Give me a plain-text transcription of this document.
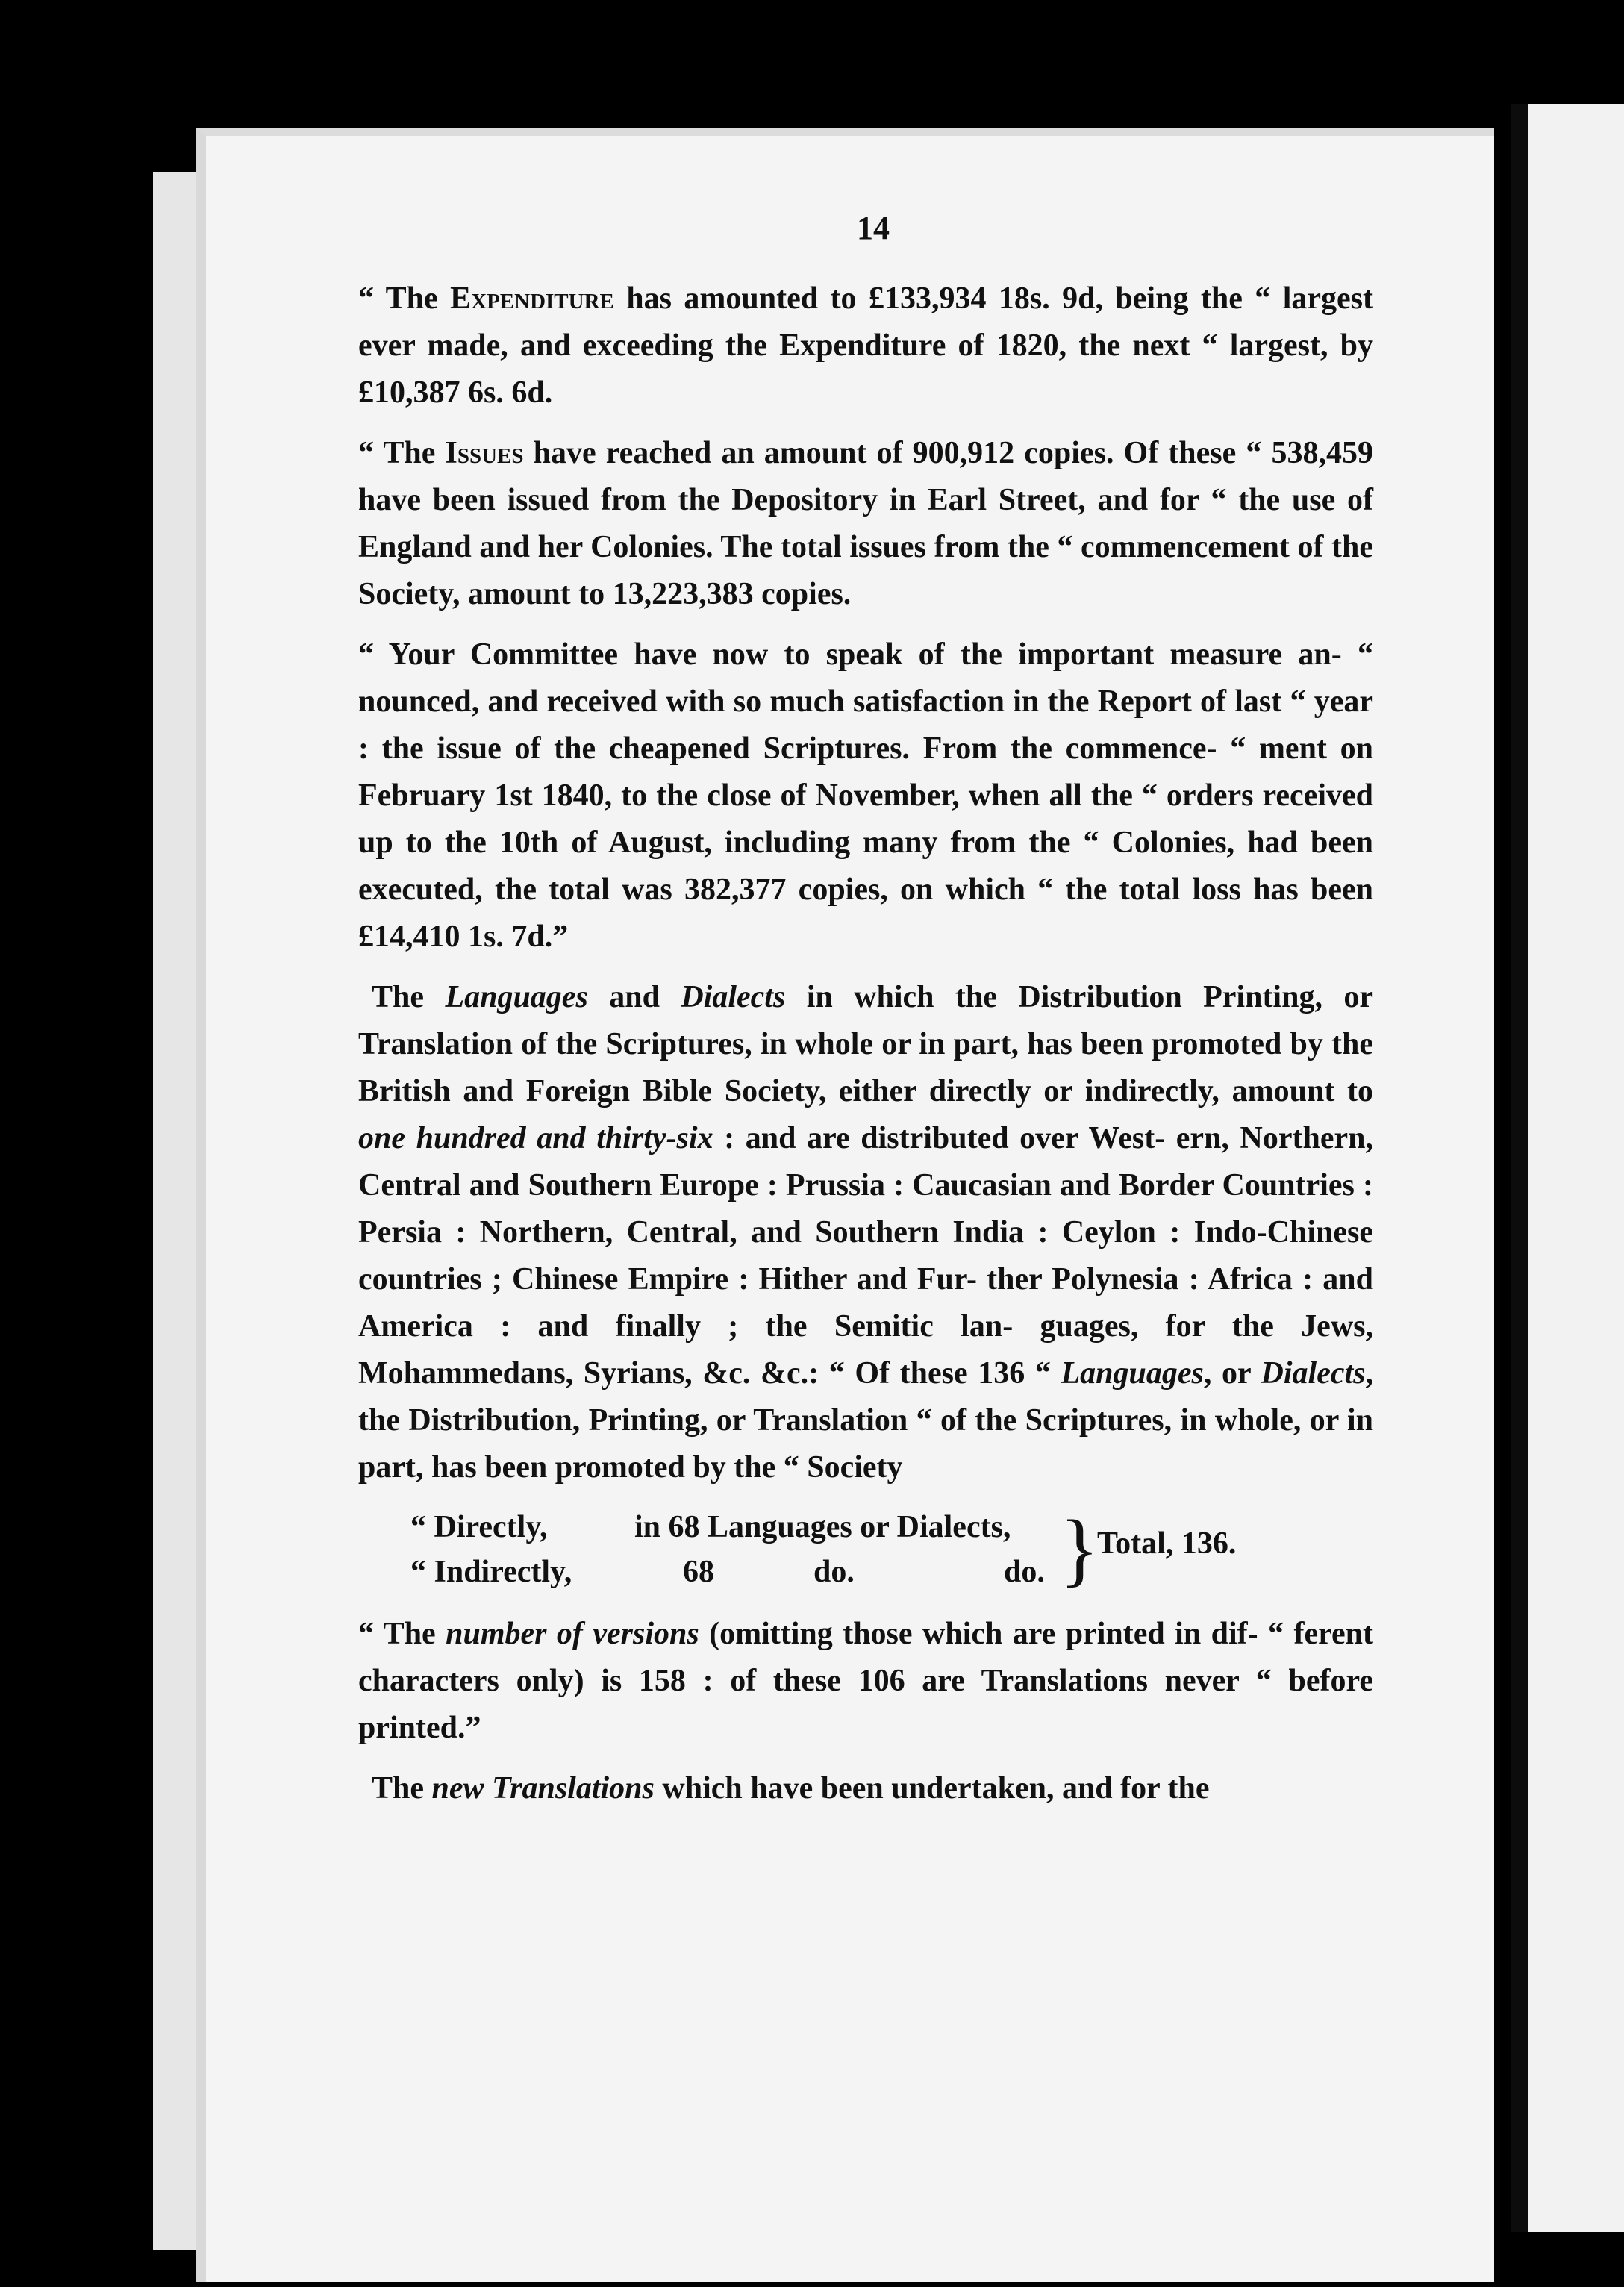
14

“ The Expenditure has amounted to £133,934 18s. 9d, being the “ largest ever made, and exceeding the Expenditure of 1820, the next “ largest, by £10,387 6s. 6d.

“ The Issues have reached an amount of 900,912 copies. Of these “ 538,459 have been issued from the Depository in Earl Street, and for “ the use of England and her Colonies. The total issues from the “ commencement of the Society, amount to 13,223,383 copies.

“ Your Committee have now to speak of the important measure an- “ nounced, and received with so much satisfaction in the Report of last “ year : the issue of the cheapened Scriptures. From the commence- “ ment on February 1st 1840, to the close of November, when all the “ orders received up to the 10th of August, including many from the “ Colonies, had been executed, the total was 382,377 copies, on which “ the total loss has been £14,410 1s. 7d.”

The Languages and Dialects in which the Distribution Printing, or Translation of the Scriptures, in whole or in part, has been promoted by the British and Foreign Bible Society, either directly or indirectly, amount to one hundred and thirty-six : and are distributed over West- ern, Northern, Central and Southern Europe : Prussia : Caucasian and Border Countries : Persia : Northern, Central, and Southern India : Ceylon : Indo-Chinese countries ; Chinese Empire : Hither and Fur- ther Polynesia : Africa : and America : and finally ; the Semitic lan- guages, for the Jews, Mohammedans, Syrians, &c. &c.: “ Of these 136 “ Languages, or Dialects, the Distribution, Printing, or Translation “ of the Scriptures, in whole, or in part, has been promoted by the “ Society

“ Directly,	in 68 Languages or Dialects,
“ Indirectly,	68	do.	do. }
Total, 136.

“ The number of versions (omitting those which are printed in dif- “ ferent characters only) is 158 : of these 106 are Translations never “ before printed.”

The new Translations which have been undertaken, and for the
